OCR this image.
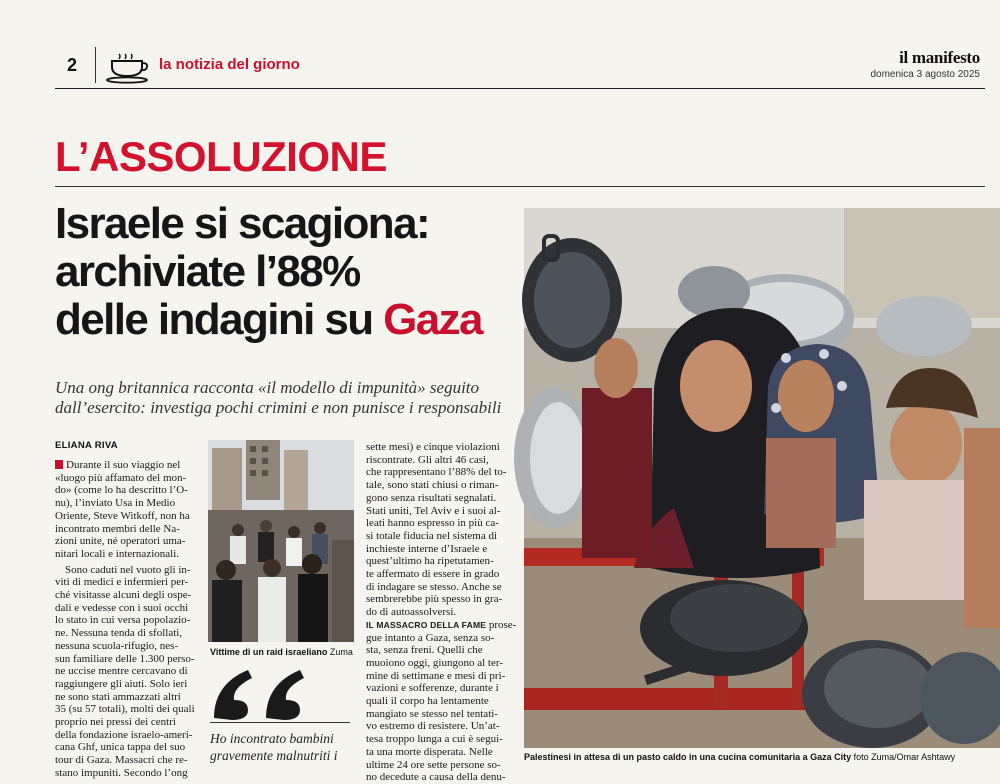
2	la notizia del giorno	il manifesto
domenica 3 agosto 2025
L’ASSOLUZIONE
Israele si scagiona:
archiviate l’88%
delle indagini su Gaza
Una ong britannica racconta «il modello di impunità» seguito
dall’esercito: investiga pochi crimini e non punisce i responsabili
ELIANA RIVA
Durante il suo viaggio nel
«luogo più affamato del mon-
do» (come lo ha descritto l’O-
nu), l’inviato Usa in Medio
Oriente, Steve Witkoff, non ha
incontrato membri delle Na-
zioni unite, né operatori uma-
nitari locali e internazionali.

Sono caduti nel vuoto gli in-
viti di medici e infermieri per-
ché visitasse alcuni degli ospe-
dali e vedesse con i suoi occhi
lo stato in cui versa popolazio-
ne. Nessuna tenda di sfollati,
nessuna scuola-rifugio, nes-
sun familiare delle 1.300 perso-
ne uccise mentre cercavano di
raggiungere gli aiuti. Solo ieri
ne sono stati ammazzati altri
35 (su 57 totali), molti dei quali
proprio nei pressi dei centri
della fondazione israelo-ameri-
cana Ghf, unica tappa del suo
tour di Gaza. Massacri che re-
stano impuniti. Secondo l’ong
Vittime di un raid israeliano Zuma
Ho incontrato bambini
gravemente malnutriti i
sette mesi) e cinque violazioni
riscontrate. Gli altri 46 casi,
che rappresentano l’88% del to-
tale, sono stati chiusi o riman-
gono senza risultati segnalati.
Stati uniti, Tel Aviv e i suoi al-
leati hanno espresso in più ca-
si totale fiducia nel sistema di
inchieste interne d’Israele e
quest’ultimo ha ripetutamen-
te affermato di essere in grado
di indagare se stesso. Anche se
sembrerebbe più spesso in gra-
do di autoassolversi.
IL MASSACRO DELLA FAME prose-
gue intanto a Gaza, senza so-
sta, senza freni. Quelli che
muoiono oggi, giungono al ter-
mine di settimane e mesi di pri-
vazioni e sofferenze, durante i
quali il corpo ha lentamente
mangiato se stesso nel tentati-
vo estremo di resistere. Un’at-
tesa troppo lunga a cui è segui-
ta una morte disperata. Nelle
ultime 24 ore sette persone so-
no decedute a causa della denu-
Palestinesi in attesa di un pasto caldo in una cucina comunitaria a Gaza City foto Zuma/Omar Ashtawy
